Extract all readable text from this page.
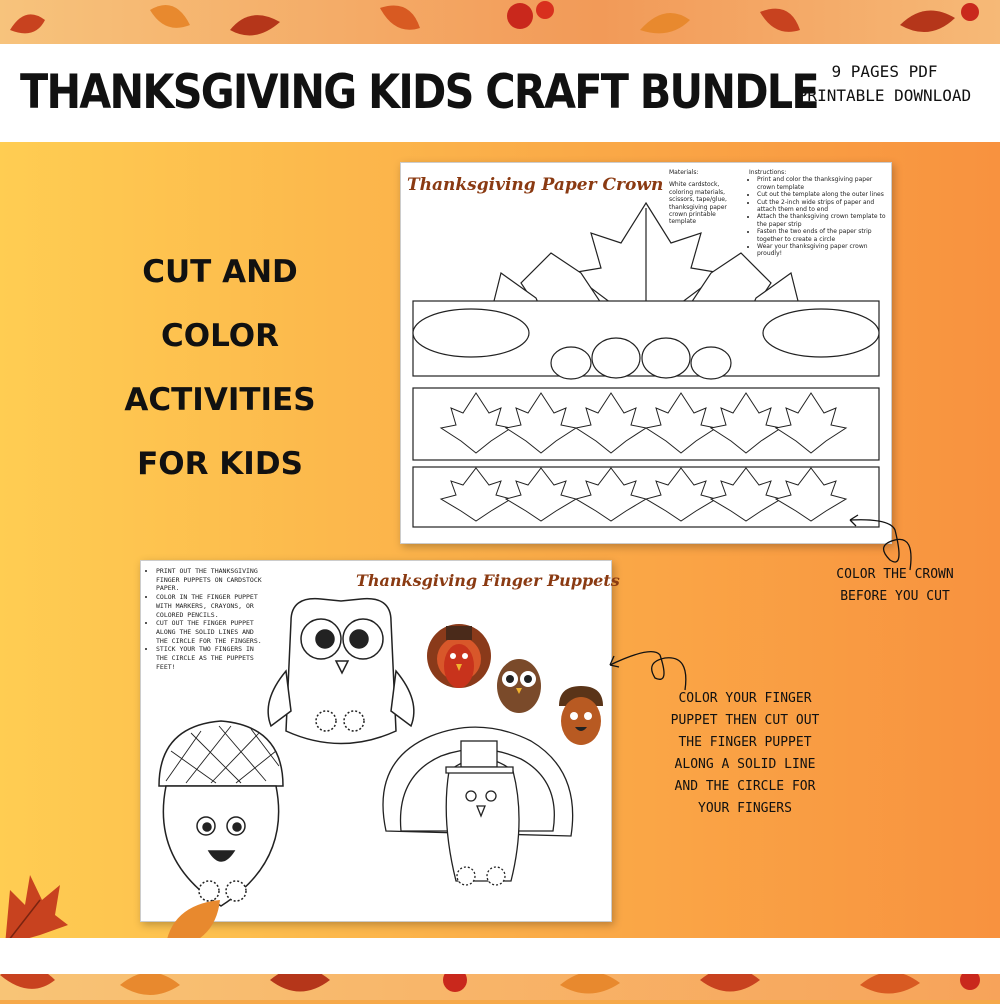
THANKSGIVING KIDS CRAFT BUNDLE 9 PAGES PDF
PRINTABLE DOWNLOAD
CUT AND
COLOR
ACTIVITIES
FOR KIDS
Thanksgiving Paper Crown
Materials:
White cardstock, coloring materials, scissors, tape/glue, thanksgiving paper crown printable template
Instructions:
• Print and color the thanksgiving paper crown template
• Cut out the template along the outer lines
• Cut the 2-inch wide strips of paper and attach them end to end
• Attach the thanksgiving crown template to the paper strip
• Fasten the two ends of the paper strip together to create a circle
• Wear your thanksgiving paper crown proudly!
• PRINT OUT THE THANKSGIVING FINGER PUPPETS ON CARDSTOCK PAPER.
• COLOR IN THE FINGER PUPPET WITH MARKERS, CRAYONS, OR COLORED PENCILS.
• CUT OUT THE FINGER PUPPET ALONG THE SOLID LINES AND THE CIRCLE FOR THE FINGERS.
• STICK YOUR TWO FINGERS IN THE CIRCLE AS THE PUPPETS FEET!
Thanksgiving Finger Puppets	COLOR THE CROWN
BEFORE YOU CUT
COLOR YOUR FINGER
PUPPET THEN CUT OUT
THE FINGER PUPPET
ALONG A SOLID LINE
AND THE CIRCLE FOR
YOUR FINGERS
